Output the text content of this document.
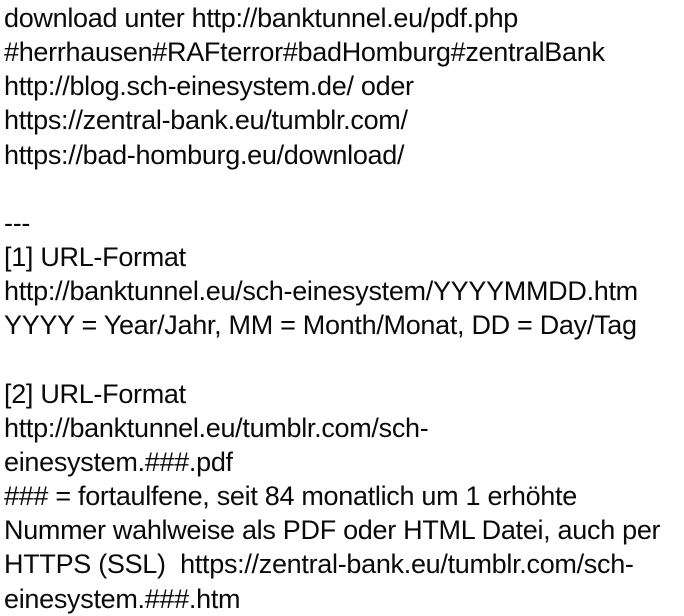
download unter http://banktunnel.eu/pdf.php
#herrhausen#RAFterror#badHomburg#zentralBank
http://blog.sch-einesystem.de/ oder
https://zentral-bank.eu/tumblr.com/
https://bad-homburg.eu/download/
---
[1] URL-Format
http://banktunnel.eu/sch-einesystem/YYYYMMDD.htm
YYYY = Year/Jahr, MM = Month/Monat, DD = Day/Tag
[2] URL-Format
http://banktunnel.eu/tumblr.com/sch-
einesystem.###.pdf
### = fortaulfene, seit 84 monatlich um 1 erhöhte
Nummer wahlweise als PDF oder HTML Datei, auch per
HTTPS (SSL)  https://zentral-bank.eu/tumblr.com/sch-
einesystem.###.htm
